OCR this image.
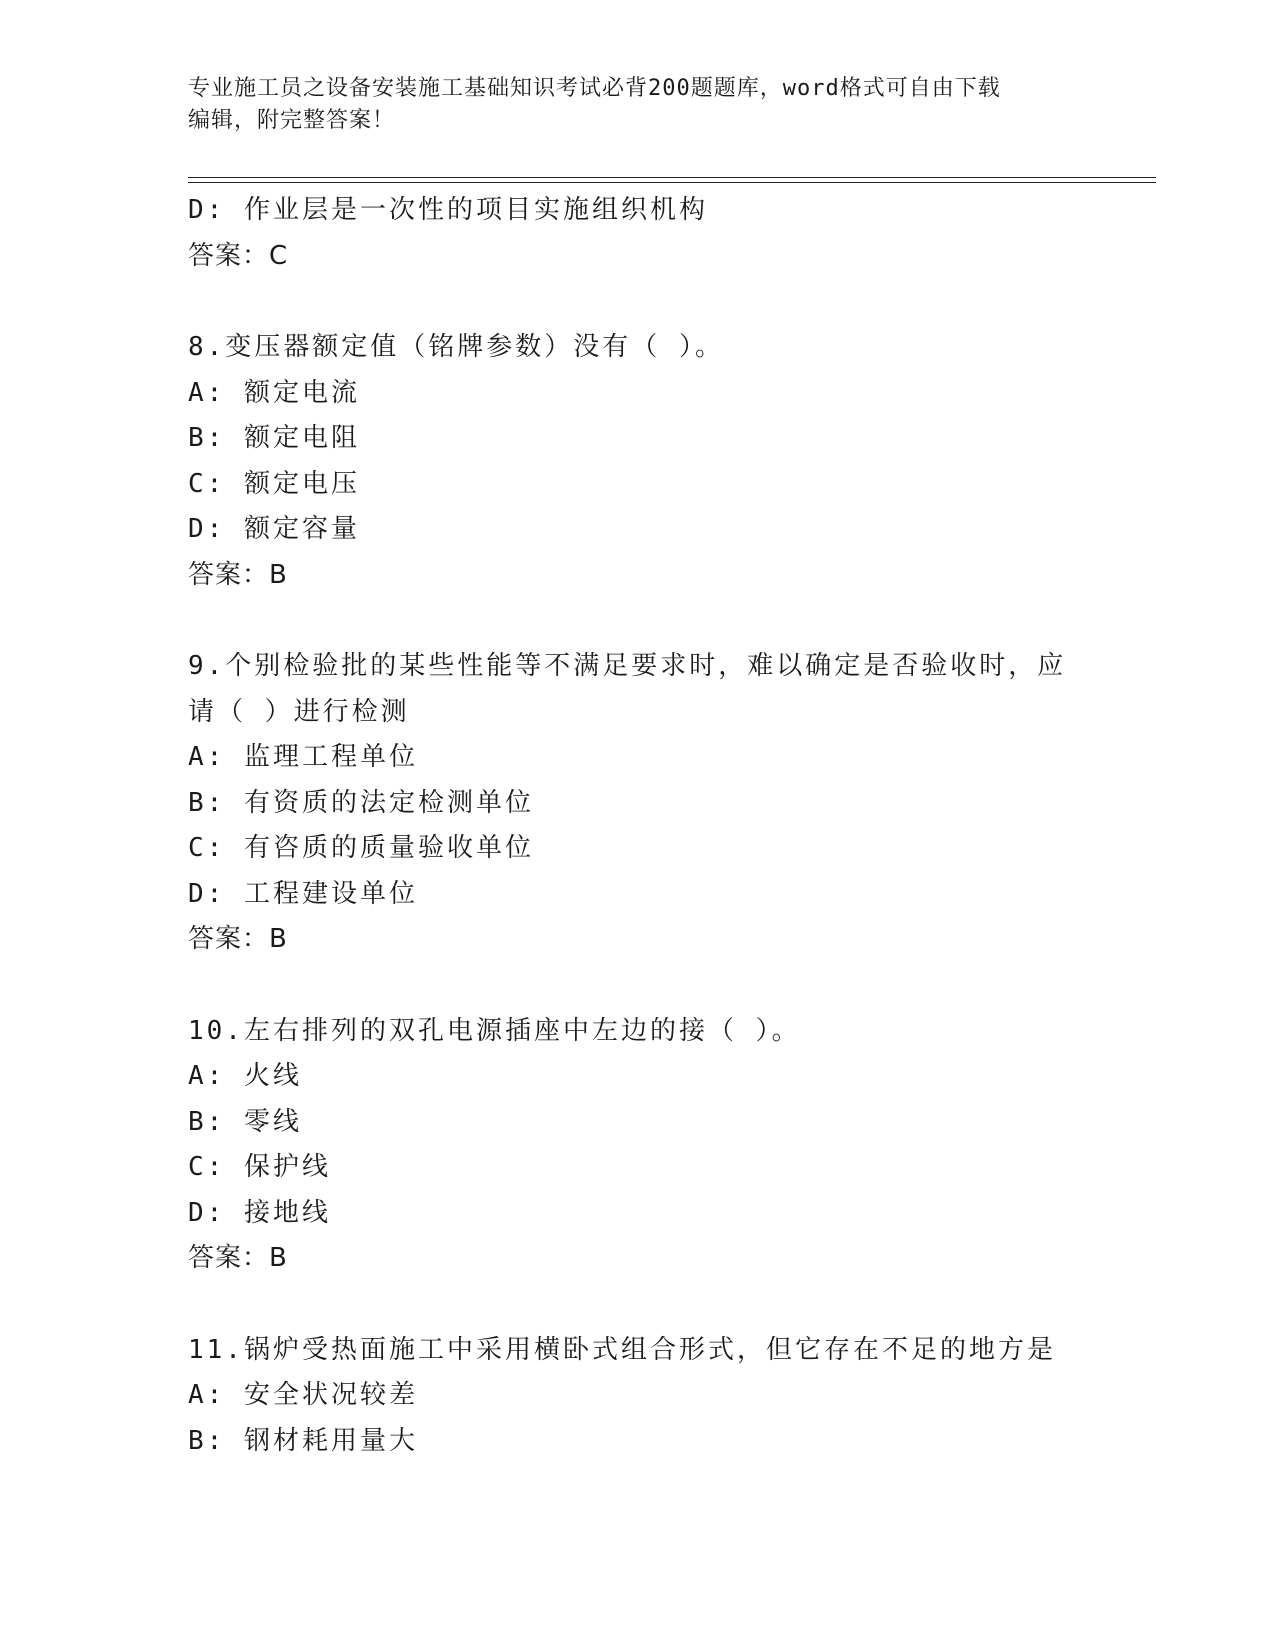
专业施工员之设备安装施工基础知识考试必背200题题库，word格式可自由下载
编辑，附完整答案！
D: 作业层是一次性的项目实施组织机构
答案：C
8.变压器额定值（铭牌参数）没有（ ）。
A: 额定电流
B: 额定电阻
C: 额定电压
D: 额定容量
答案：B
9.个别检验批的某些性能等不满足要求时，难以确定是否验收时，应
请（ ）进行检测
A: 监理工程单位
B: 有资质的法定检测单位
C: 有咨质的质量验收单位
D: 工程建设单位
答案：B
10.左右排列的双孔电源插座中左边的接（ ）。
A: 火线
B: 零线
C: 保护线
D: 接地线
答案：B
11.锅炉受热面施工中采用横卧式组合形式，但它存在不足的地方是
A: 安全状况较差
B: 钢材耗用量大
